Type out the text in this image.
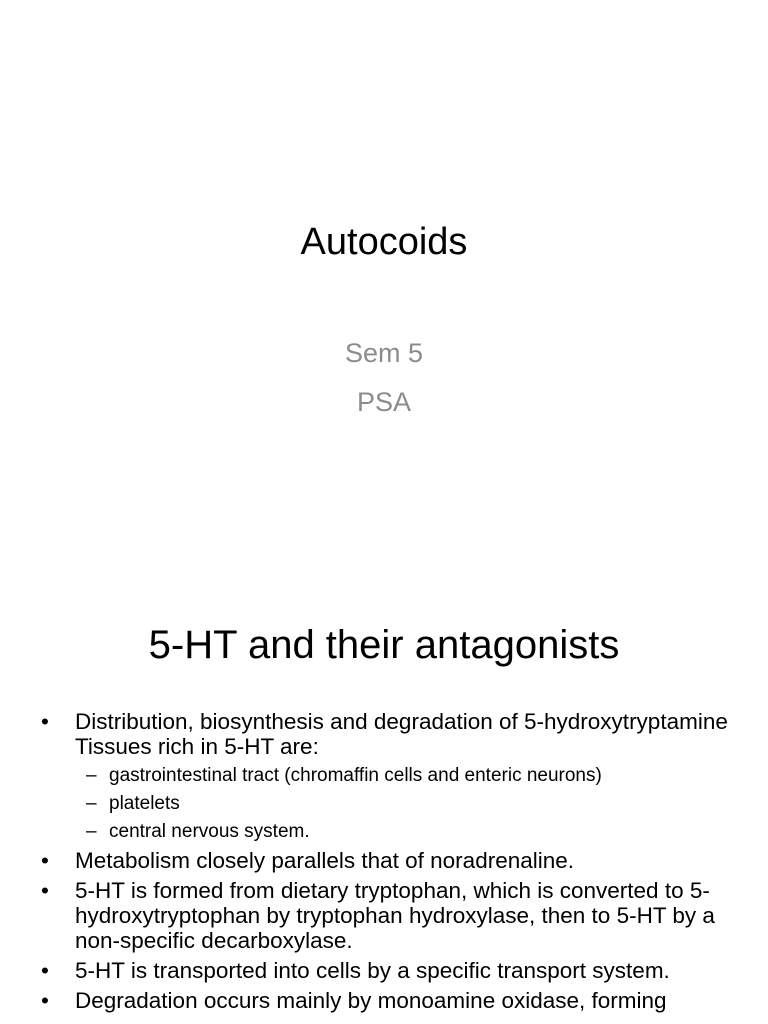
Autocoids
Sem 5
PSA
5-HT and their antagonists
• Distribution, biosynthesis and degradation of 5-hydroxytryptamine Tissues rich in 5-HT are:
– gastrointestinal tract (chromaffin cells and enteric neurons)
– platelets
– central nervous system.
• Metabolism closely parallels that of noradrenaline.
• 5-HT is formed from dietary tryptophan, which is converted to 5-hydroxytryptophan by tryptophan hydroxylase, then to 5-HT by a non-specific decarboxylase.
• 5-HT is transported into cells by a specific transport system.
• Degradation occurs mainly by monoamine oxidase, forming
